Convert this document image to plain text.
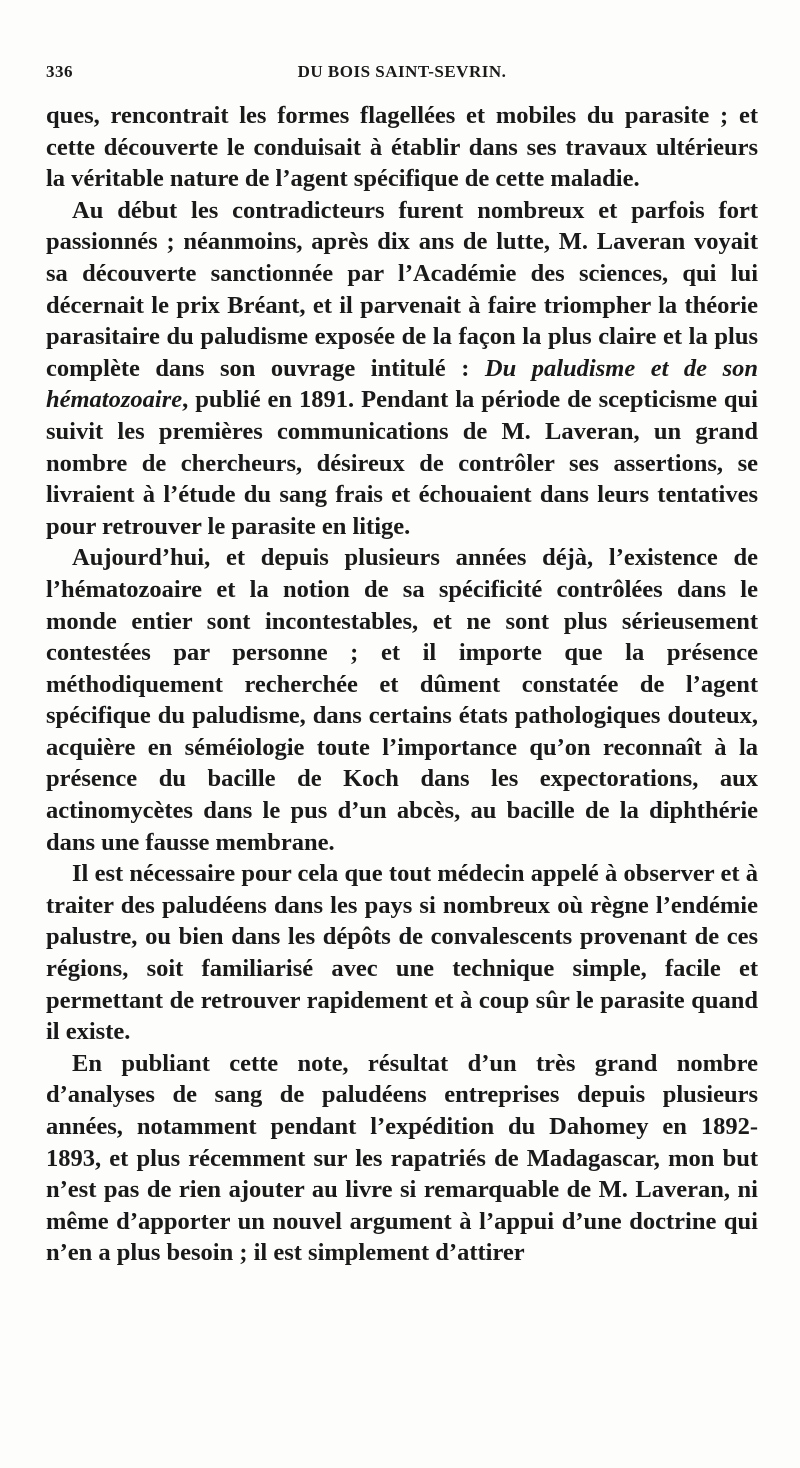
336	DU BOIS SAINT-SEVRIN.

ques, rencontrait les formes flagellées et mobiles du parasite ; et cette découverte le conduisait à établir dans ses travaux ultérieurs la véritable nature de l’agent spécifique de cette maladie.

Au début les contradicteurs furent nombreux et parfois fort passionnés ; néanmoins, après dix ans de lutte, M. Laveran voyait sa découverte sanctionnée par l’Académie des sciences, qui lui décernait le prix Bréant, et il parvenait à faire triompher la théorie parasitaire du paludisme exposée de la façon la plus claire et la plus complète dans son ouvrage intitulé : Du paludisme et de son hématozoaire, publié en 1891. Pendant la période de scepticisme qui suivit les premières communications de M. Laveran, un grand nombre de chercheurs, désireux de contrôler ses assertions, se livraient à l’étude du sang frais et échouaient dans leurs tentatives pour retrouver le parasite en litige.

Aujourd’hui, et depuis plusieurs années déjà, l’existence de l’hématozoaire et la notion de sa spécificité contrôlées dans le monde entier sont incontestables, et ne sont plus sérieusement contestées par personne ; et il importe que la présence méthodiquement recherchée et dûment constatée de l’agent spécifique du paludisme, dans certains états pathologiques douteux, acquière en séméiologie toute l’importance qu’on reconnaît à la présence du bacille de Koch dans les expectorations, aux actinomycètes dans le pus d’un abcès, au bacille de la diphthérie dans une fausse membrane.

Il est nécessaire pour cela que tout médecin appelé à observer et à traiter des paludéens dans les pays si nombreux où règne l’endémie palustre, ou bien dans les dépôts de convalescents provenant de ces régions, soit familiarisé avec une technique simple, facile et permettant de retrouver rapidement et à coup sûr le parasite quand il existe.

En publiant cette note, résultat d’un très grand nombre d’analyses de sang de paludéens entreprises depuis plusieurs années, notamment pendant l’expédition du Dahomey en 1892-1893, et plus récemment sur les rapatriés de Madagascar, mon but n’est pas de rien ajouter au livre si remarquable de M. Laveran, ni même d’apporter un nouvel argument à l’appui d’une doctrine qui n’en a plus besoin ; il est simplement d’attirer
